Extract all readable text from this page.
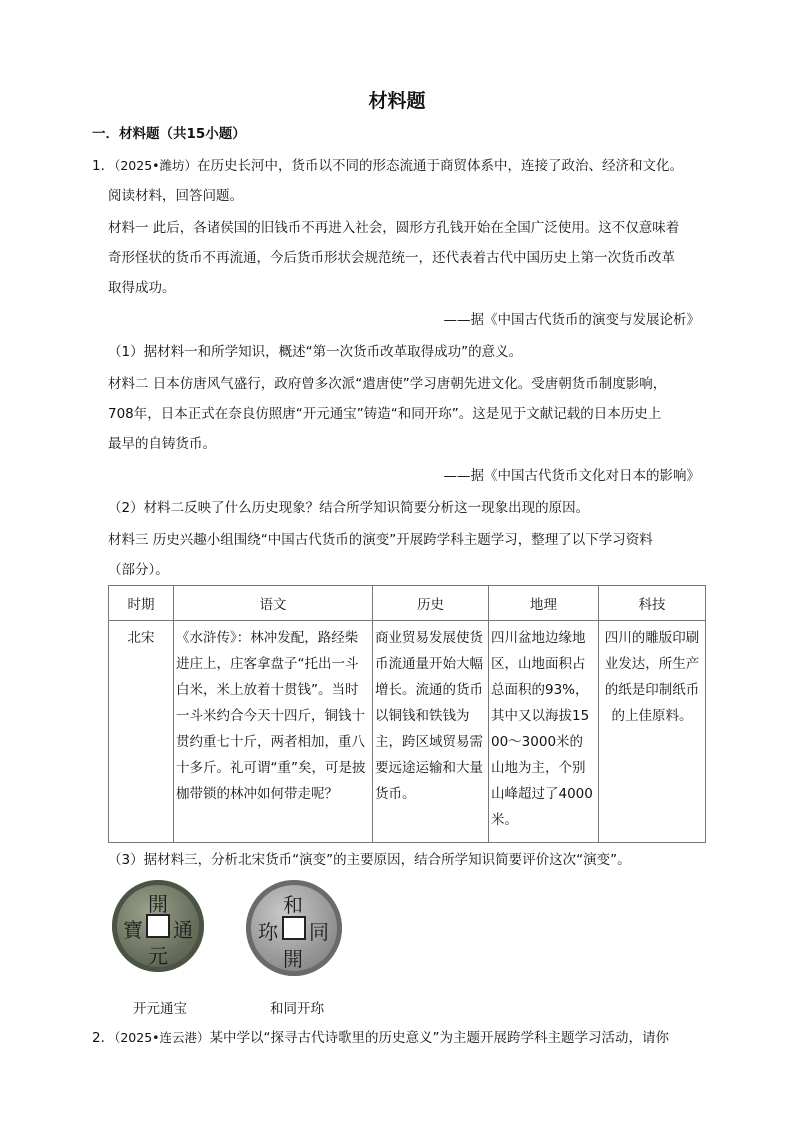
材料题
一．材料题（共15小题）
1．（2025•潍坊）在历史长河中，货币以不同的形态流通于商贸体系中，连接了政治、经济和文化。
阅读材料，回答问题。
材料一 此后，各诸侯国的旧钱币不再进入社会，圆形方孔钱开始在全国广泛使用。这不仅意味着
奇形怪状的货币不再流通，今后货币形状会规范统一，还代表着古代中国历史上第一次货币改革
取得成功。
——据《中国古代货币的演变与发展论析》
（1）据材料一和所学知识，概述“第一次货币改革取得成功”的意义。
材料二 日本仿唐风气盛行，政府曾多次派“遣唐使”学习唐朝先进文化。受唐朝货币制度影响，
708年，日本正式在奈良仿照唐“开元通宝”铸造“和同开珎”。这是见于文献记载的日本历史上
最早的自铸货币。
——据《中国古代货币文化对日本的影响》
（2）材料二反映了什么历史现象？结合所学知识简要分析这一现象出现的原因。
材料三 历史兴趣小组围绕“中国古代货币的演变”开展跨学科主题学习，整理了以下学习资料
（部分）。
时期	语文	历史	地理	科技

北宋	《水浒传》：林冲发配，路经柴进庄上，庄客拿盘子“托出一斗白米，米上放着十贯钱”。当时一斗米约合今天十四斤，铜钱十贯约重七十斤，两者相加，重八十多斤。礼可谓“重”矣，可是披枷带锁的林冲如何带走呢？	商业贸易发展使货币流通量开始大幅增长。流通的货币以铜钱和铁钱为主，跨区域贸易需要远途运输和大量货币。	四川盆地边缘地区，山地面积占总面积的93%，其中又以海拔1500～3000米的山地为主，个别山峰超过了4000米。	四川的雕版印刷业发达，所生产的纸是印制纸币的上佳原料。
（3）据材料三，分析北宋货币“演变”的主要原因，结合所学知识简要评价这次“演变”。
開
寶 通
元
开元通宝
和
珎 同
開
和同开珎
2．（2025•连云港）某中学以“探寻古代诗歌里的历史意义”为主题开展跨学科主题学习活动，请你
